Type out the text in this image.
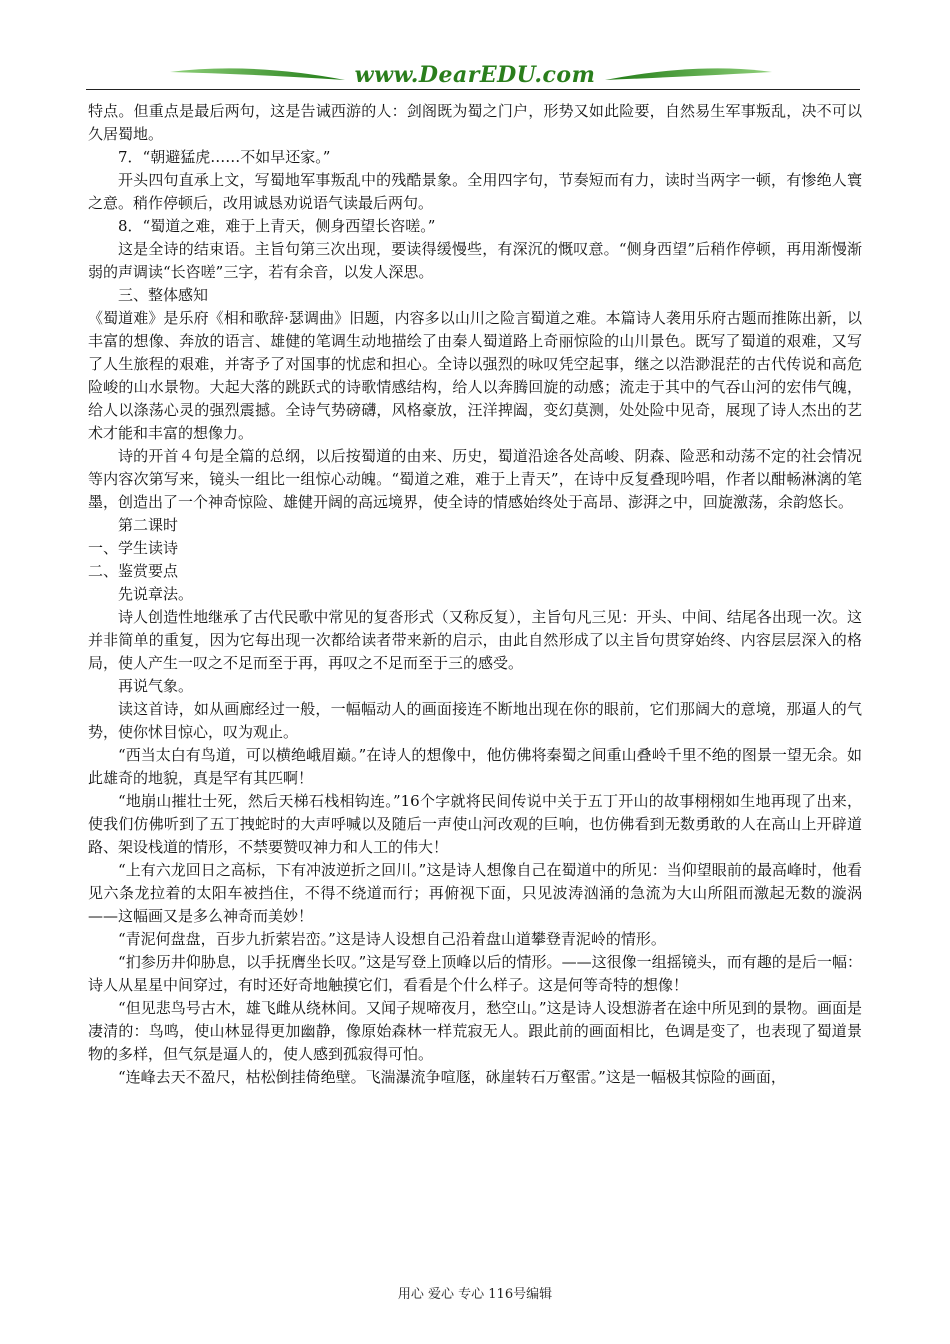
www.DearEDU.com

特点。但重点是最后两句，这是告诫西游的人：剑阁既为蜀之门户，形势又如此险要，自然易生军事叛乱，决不可以久居蜀地。

7．“朝避猛虎……不如早还家。”

开头四句直承上文，写蜀地军事叛乱中的残酷景象。全用四字句，节奏短而有力，读时当两字一顿，有惨绝人寰之意。稍作停顿后，改用诚恳劝说语气读最后两句。

8．“蜀道之难，难于上青天，侧身西望长咨嗟。”

这是全诗的结束语。主旨句第三次出现，要读得缓慢些，有深沉的慨叹意。“侧身西望”后稍作停顿，再用渐慢渐弱的声调读“长咨嗟”三字，若有余音，以发人深思。

三、整体感知

《蜀道难》是乐府《相和歌辞·瑟调曲》旧题，内容多以山川之险言蜀道之难。本篇诗人袭用乐府古题而推陈出新，以丰富的想像、奔放的语言、雄健的笔调生动地描绘了由秦人蜀道路上奇丽惊险的山川景色。既写了蜀道的艰难，又写了人生旅程的艰难，并寄予了对国事的忧虑和担心。全诗以强烈的咏叹凭空起事，继之以浩渺混茫的古代传说和高危险峻的山水景物。大起大落的跳跃式的诗歌情感结构，给人以奔腾回旋的动感；流走于其中的气吞山河的宏伟气魄，给人以涤荡心灵的强烈震撼。全诗气势磅礴，风格豪放，汪洋捭阖，变幻莫测，处处险中见奇，展现了诗人杰出的艺术才能和丰富的想像力。

诗的开首４句是全篇的总纲，以后按蜀道的由来、历史，蜀道沿途各处高峻、阴森、险恶和动荡不定的社会情况等内容次第写来，镜头一组比一组惊心动魄。“蜀道之难，难于上青天”，在诗中反复叠现吟唱，作者以酣畅淋漓的笔墨，创造出了一个神奇惊险、雄健开阔的高远境界，使全诗的情感始终处于高昂、澎湃之中，回旋激荡，余韵悠长。

第二课时

一、学生读诗

二、鉴赏要点

先说章法。

诗人创造性地继承了古代民歌中常见的复沓形式（又称反复），主旨句凡三见：开头、中间、结尾各出现一次。这并非简单的重复，因为它每出现一次都给读者带来新的启示，由此自然形成了以主旨句贯穿始终、内容层层深入的格局，使人产生一叹之不足而至于再，再叹之不足而至于三的感受。

再说气象。

读这首诗，如从画廊经过一般，一幅幅动人的画面接连不断地出现在你的眼前，它们那阔大的意境，那逼人的气势，使你怵目惊心，叹为观止。

“西当太白有鸟道，可以横绝峨眉巅。”在诗人的想像中，他仿佛将秦蜀之间重山叠岭千里不绝的图景一望无余。如此雄奇的地貌，真是罕有其匹啊！

“地崩山摧壮士死，然后天梯石栈相钩连。”16个字就将民间传说中关于五丁开山的故事栩栩如生地再现了出来，使我们仿佛听到了五丁拽蛇时的大声呼喊以及随后一声使山河改观的巨响，也仿佛看到无数勇敢的人在高山上开辟道路、架设栈道的情形，不禁要赞叹神力和人工的伟大！

“上有六龙回日之高标，下有冲波逆折之回川。”这是诗人想像自己在蜀道中的所见：当仰望眼前的最高峰时，他看见六条龙拉着的太阳车被挡住，不得不绕道而行；再俯视下面，只见波涛汹涌的急流为大山所阻而激起无数的漩涡——这幅画又是多么神奇而美妙！

“青泥何盘盘，百步九折萦岩峦。”这是诗人设想自己沿着盘山道攀登青泥岭的情形。

“扪参历井仰胁息，以手抚膺坐长叹。”这是写登上顶峰以后的情形。——这很像一组摇镜头，而有趣的是后一幅：诗人从星星中间穿过，有时还好奇地触摸它们，看看是个什么样子。这是何等奇特的想像！

“但见悲鸟号古木，雄飞雌从绕林间。又闻子规啼夜月，愁空山。”这是诗人设想游者在途中所见到的景物。画面是凄清的：鸟鸣，使山林显得更加幽静，像原始森林一样荒寂无人。跟此前的画面相比，色调是变了，也表现了蜀道景物的多样，但气氛是逼人的，使人感到孤寂得可怕。

“连峰去天不盈尺，枯松倒挂倚绝壁。飞湍瀑流争喧豗，砯崖转石万壑雷。”这是一幅极其惊险的画面，

用心 爱心 专心 116号编辑
